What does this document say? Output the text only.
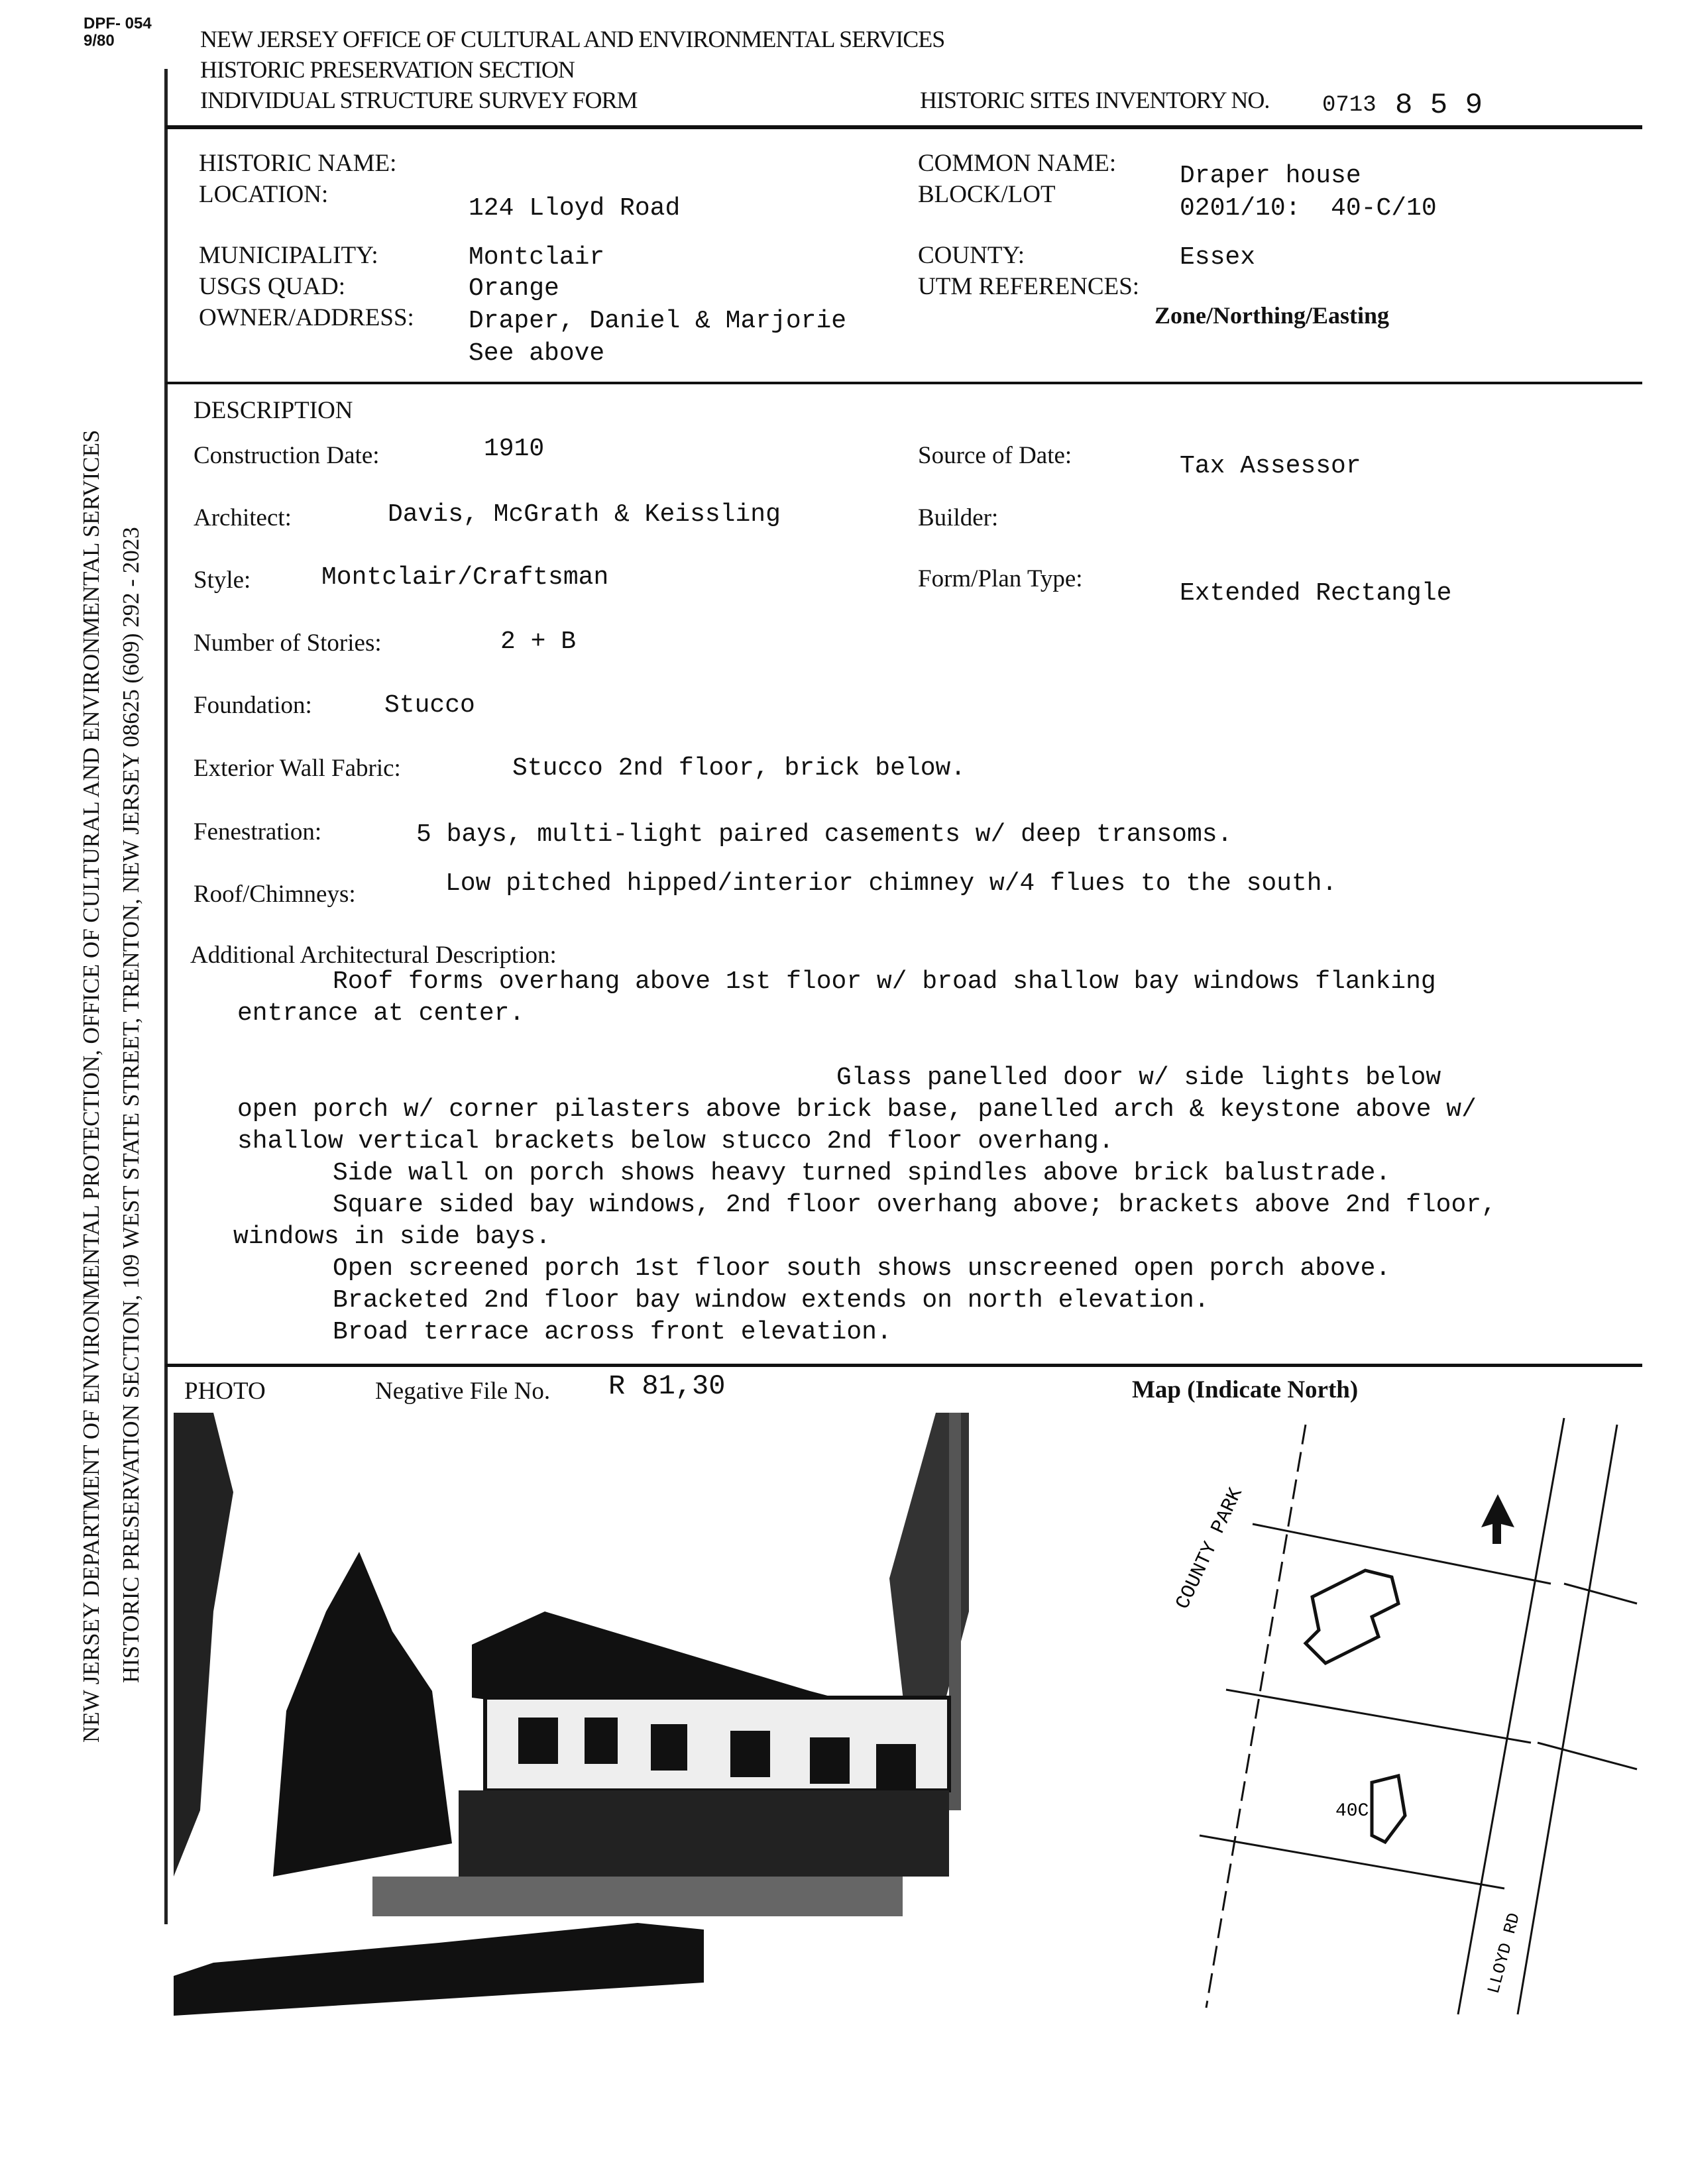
DPF- 054
9/80	NEW JERSEY OFFICE OF CULTURAL AND ENVIRONMENTAL SERVICES
HISTORIC PRESERVATION SECTION
INDIVIDUAL STRUCTURE SURVEY FORM	HISTORIC SITES INVENTORY NO. 0713 8 5 9
NEW JERSEY DEPARTMENT OF ENVIRONMENTAL PROTECTION, OFFICE OF CULTURAL AND ENVIRONMENTAL SERVICES HISTORIC PRESERVATION SECTION, 109 WEST STATE STREET, TRENTON, NEW JERSEY 08625 (609) 292 - 2023
HISTORIC NAME:
LOCATION:	124 Lloyd Road
COMMON NAME:	Draper house
BLOCK/LOT	0201/10:  40-C/10
MUNICIPALITY:	Montclair	COUNTY:	Essex
USGS QUAD:	Orange	UTM REFERENCES:
Zone/Northing/Easting
OWNER/ADDRESS: Draper, Daniel & Marjorie
See above
DESCRIPTION
Construction Date:	1910	Source of Date:	Tax Assessor
Architect:	Davis, McGrath & Keissling	Builder:
Style:	Montclair/Craftsman	Form/Plan Type:
Extended Rectangle
Number of Stories:	2 + B
Foundation:	Stucco
Exterior Wall Fabric:	Stucco 2nd floor, brick below.
Fenestration:	5 bays, multi-light paired casements w/ deep transoms.
Roof/Chimneys:	Low pitched hipped/interior chimney w/4 flues to the south.
Additional Architectural Description:
Roof forms overhang above 1st floor w/ broad shallow bay windows flanking
entrance at center.
Glass panelled door w/ side lights below
open porch w/ corner pilasters above brick base, panelled arch & keystone above w/
shallow vertical brackets below stucco 2nd floor overhang.
Side wall on porch shows heavy turned spindles above brick balustrade.
Square sided bay windows, 2nd floor overhang above; brackets above 2nd floor,
windows in side bays.
Open screened porch 1st floor south shows unscreened open porch above.
Bracketed 2nd floor bay window extends on north elevation.
Broad terrace across front elevation.
PHOTO	Negative File No. R 81,30	Map (Indicate North)
COUNTY PARK
LLOYD RD
40C
